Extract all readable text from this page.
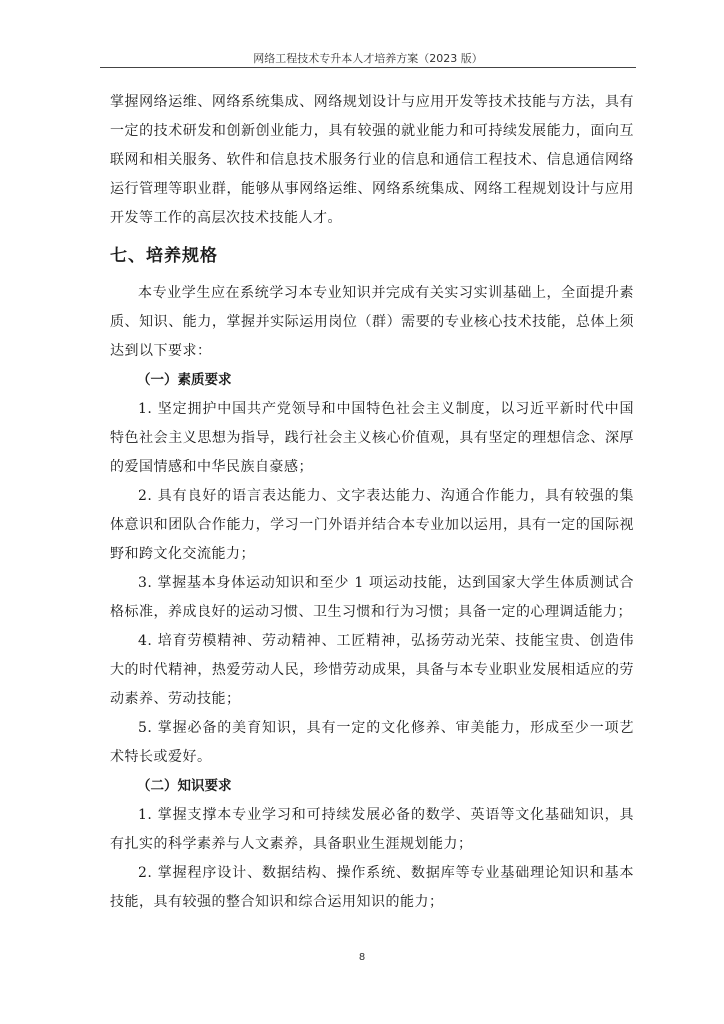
网络工程技术专升本人才培养方案（2023 版）

掌握网络运维、网络系统集成、网络规划设计与应用开发等技术技能与方法，具有一定的技术研发和创新创业能力，具有较强的就业能力和可持续发展能力，面向互联网和相关服务、软件和信息技术服务行业的信息和通信工程技术、信息通信网络运行管理等职业群，能够从事网络运维、网络系统集成、网络工程规划设计与应用开发等工作的高层次技术技能人才。

七、培养规格

本专业学生应在系统学习本专业知识并完成有关实习实训基础上，全面提升素质、知识、能力，掌握并实际运用岗位（群）需要的专业核心技术技能，总体上须达到以下要求：

（一）素质要求

1. 坚定拥护中国共产党领导和中国特色社会主义制度，以习近平新时代中国特色社会主义思想为指导，践行社会主义核心价值观，具有坚定的理想信念、深厚的爱国情感和中华民族自豪感；

2. 具有良好的语言表达能力、文字表达能力、沟通合作能力，具有较强的集体意识和团队合作能力，学习一门外语并结合本专业加以运用，具有一定的国际视野和跨文化交流能力；

3. 掌握基本身体运动知识和至少 1 项运动技能，达到国家大学生体质测试合格标准，养成良好的运动习惯、卫生习惯和行为习惯；具备一定的心理调适能力；

4. 培育劳模精神、劳动精神、工匠精神，弘扬劳动光荣、技能宝贵、创造伟大的时代精神，热爱劳动人民，珍惜劳动成果，具备与本专业职业发展相适应的劳动素养、劳动技能；

5. 掌握必备的美育知识，具有一定的文化修养、审美能力，形成至少一项艺术特长或爱好。

（二）知识要求

1. 掌握支撑本专业学习和可持续发展必备的数学、英语等文化基础知识，具有扎实的科学素养与人文素养，具备职业生涯规划能力；

2. 掌握程序设计、数据结构、操作系统、数据库等专业基础理论知识和基本技能，具有较强的整合知识和综合运用知识的能力；

8
